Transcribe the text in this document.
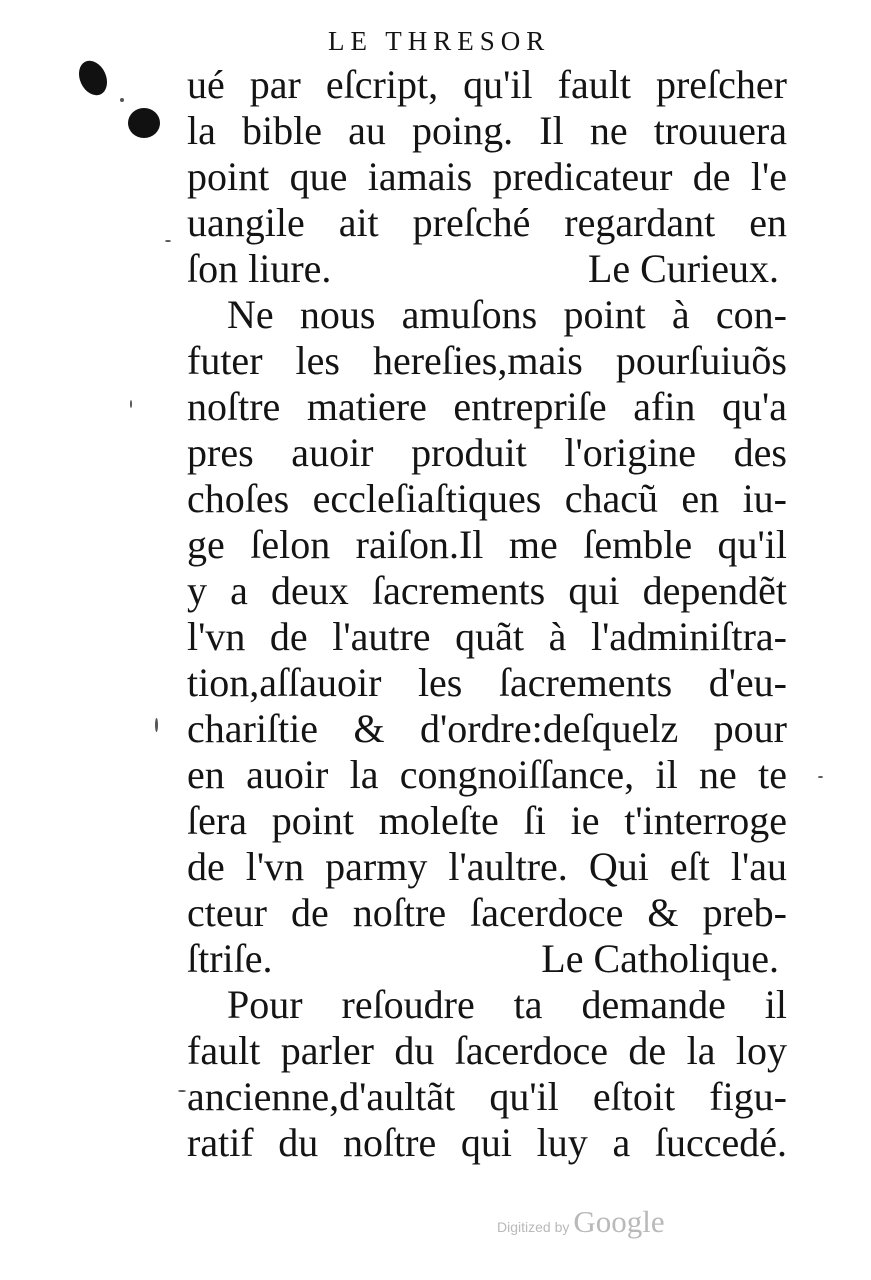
LE THRESOR
ué par eſcript, qu'il fault preſcher
la bible au poing. Il ne trouuera
point que iamais predicateur de l'e
uangile ait preſché regardant en
ſon liure.	Le Curieux.
Ne nous amuſons point à con-
futer les hereſies,mais pourſuiuõs
noſtre matiere entrepriſe afin qu'a
pres auoir produit l'origine des
choſes eccleſiaſtiques chacũ en iu-
ge ſelon raiſon.Il me ſemble qu'il
y a deux ſacrements qui dependẽt
l'vn de l'autre quãt à l'adminiſtra-
tion,aſſauoir les ſacrements d'eu-
chariſtie & d'ordre:deſquelz pour
en auoir la congnoiſſance, il ne te
ſera point moleſte ſi ie t'interroge
de l'vn parmy l'aultre. Qui eſt l'au
cteur de noſtre ſacerdoce & preb-
ſtriſe.	Le Catholique.
Pour reſoudre ta demande il
fault parler du ſacerdoce de la loy
ancienne,d'aultãt qu'il eſtoit figu-
ratif du noſtre qui luy a ſuccedé.
Digitized by Google
